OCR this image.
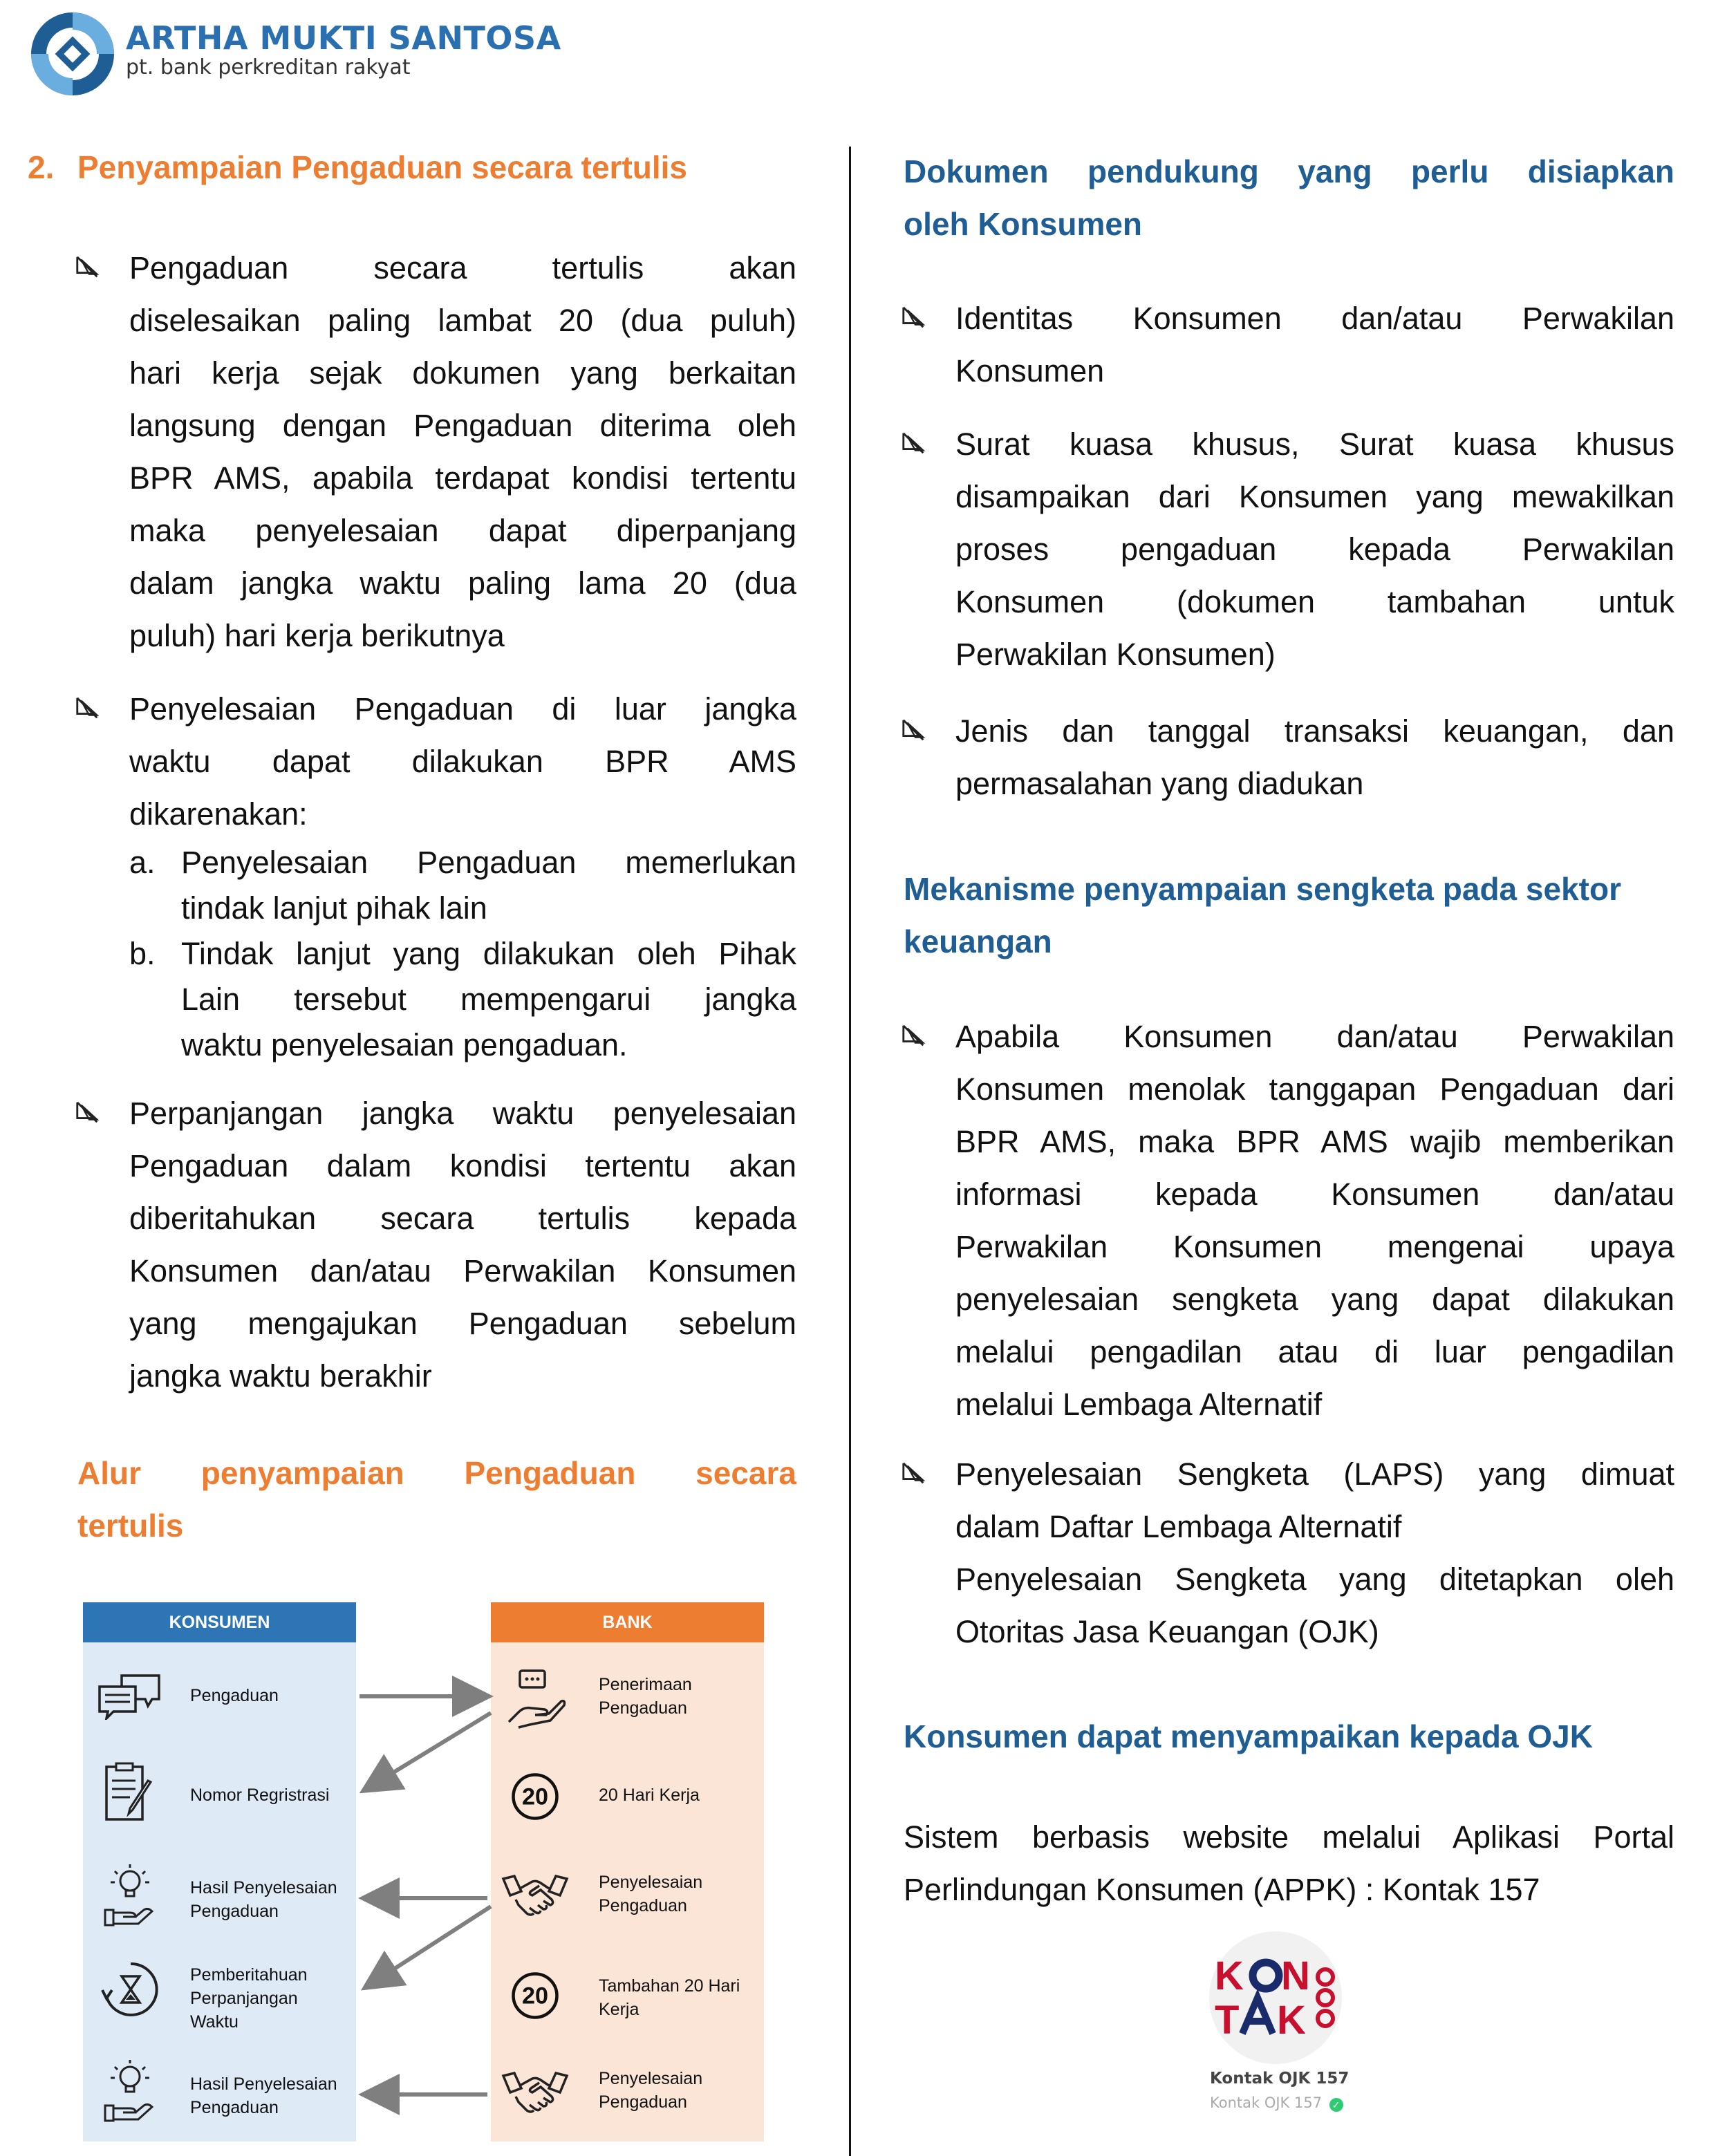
ARTHA MUKTI SANTOSA
pt. bank perkreditan rakyat
2. Penyampaian Pengaduan secara tertulis
Pengaduan secara tertulis akan
diselesaikan paling lambat 20 (dua puluh)
hari kerja sejak dokumen yang berkaitan
langsung dengan Pengaduan diterima oleh
BPR AMS, apabila terdapat kondisi tertentu
maka penyelesaian dapat diperpanjang
dalam jangka waktu paling lama 20 (dua
puluh) hari kerja berikutnya
Penyelesaian Pengaduan di luar jangka
waktu dapat dilakukan BPR AMS
dikarenakan:
a. Penyelesaian Pengaduan memerlukan
tindak lanjut pihak lain
b. Tindak lanjut yang dilakukan oleh Pihak
Lain tersebut mempengarui jangka
waktu penyelesaian pengaduan.
Perpanjangan jangka waktu penyelesaian
Pengaduan dalam kondisi tertentu akan
diberitahukan secara tertulis kepada
Konsumen dan/atau Perwakilan Konsumen
yang mengajukan Pengaduan sebelum
jangka waktu berakhir
Alur penyampaian Pengaduan secara
tertulis
KONSUMEN	BANK
Pengaduan
Nomor Regristrasi
Hasil Penyelesaian Pengaduan
Pemberitahuan Perpanjangan Waktu
Hasil Penyelesaian Pengaduan
20
20
Penerimaan Pengaduan
20 Hari Kerja
Penyelesaian Pengaduan
Tambahan 20 Hari Kerja
Penyelesaian Pengaduan
Dokumen pendukung yang perlu disiapkan
oleh Konsumen
Identitas Konsumen dan/atau Perwakilan
Konsumen
Surat kuasa khusus, Surat kuasa khusus
disampaikan dari Konsumen yang mewakilkan
proses pengaduan kepada Perwakilan
Konsumen (dokumen tambahan untuk
Perwakilan Konsumen)
Jenis dan tanggal transaksi keuangan, dan
permasalahan yang diadukan
Mekanisme penyampaian sengketa pada sektor
keuangan
Apabila Konsumen dan/atau Perwakilan
Konsumen menolak tanggapan Pengaduan dari
BPR AMS, maka BPR AMS wajib memberikan
informasi kepada Konsumen dan/atau
Perwakilan Konsumen mengenai upaya
penyelesaian sengketa yang dapat dilakukan
melalui pengadilan atau di luar pengadilan
melalui Lembaga Alternatif
Penyelesaian Sengketa (LAPS) yang dimuat
dalam Daftar Lembaga Alternatif
Penyelesaian Sengketa yang ditetapkan oleh
Otoritas Jasa Keuangan (OJK)
Konsumen dapat menyampaikan kepada OJK
Sistem berbasis website melalui Aplikasi Portal
Perlindungan Konsumen (APPK) : Kontak 157
K N
T K
Kontak OJK 157
Kontak OJK 157 ✓
